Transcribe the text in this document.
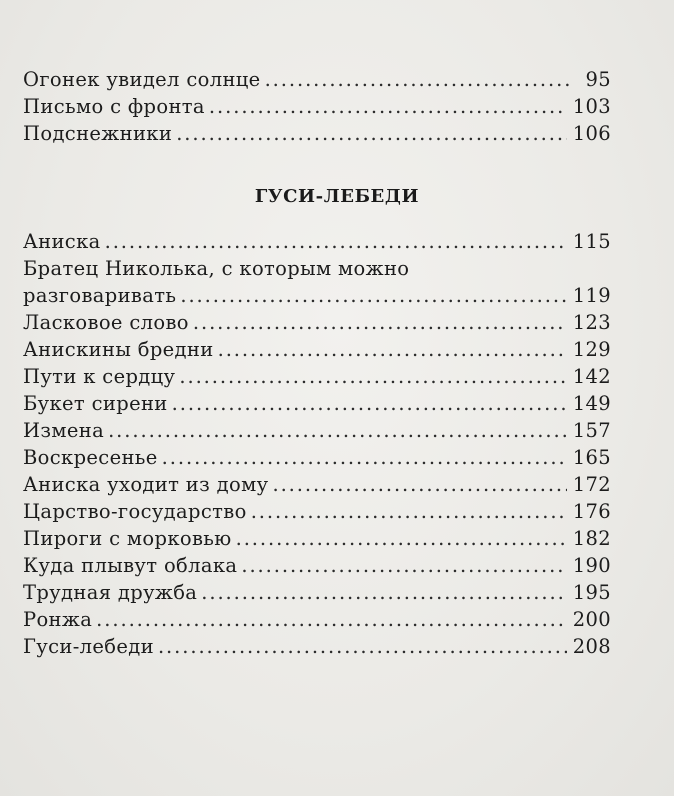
Огонек увидел солнце .....	95
Письмо с фронта .....	103
Подснежники .....	106
ГУСИ-ЛЕБЕДИ
Аниска .....	115
Братец Николька, с которым можно
разговаривать .....	119
Ласковое слово .....	123
Анискины бредни .....	129
Пути к сердцу .....	142
Букет сирени .....	149
Измена .....	157
Воскресенье .....	165
Аниска уходит из дому .....	172
Царство-государство .....	176
Пироги с морковью .....	182
Куда плывут облака .....	190
Трудная дружба .....	195
Ронжа .....	200
Гуси-лебеди .....	208
